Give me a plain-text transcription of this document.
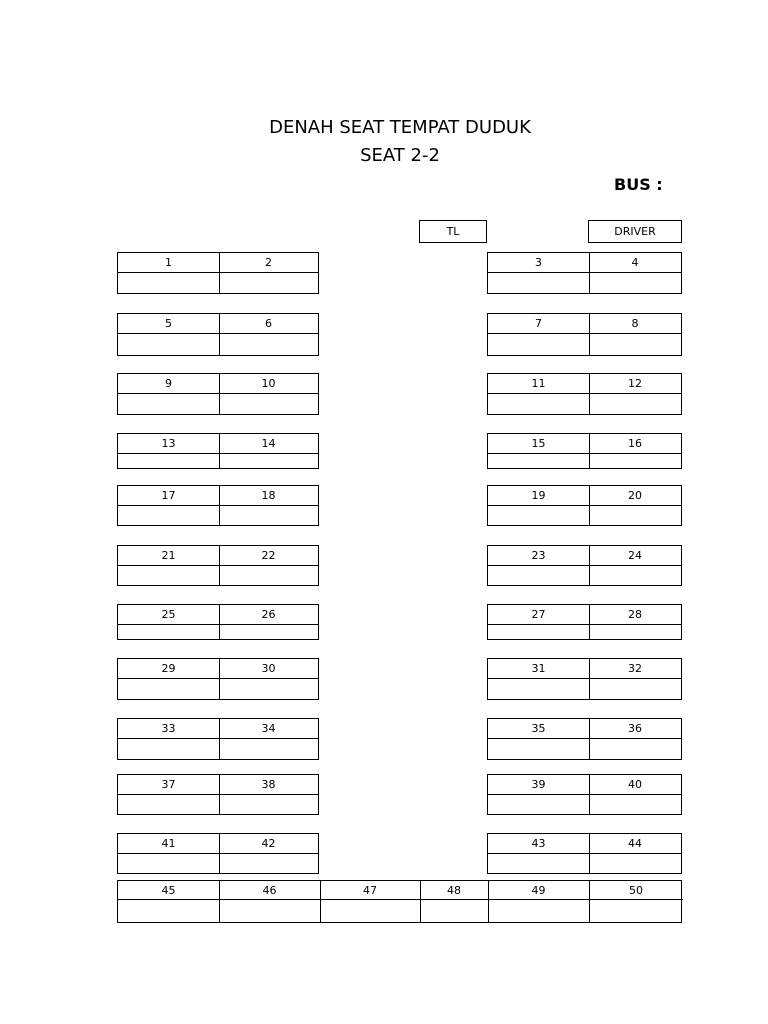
DENAH SEAT TEMPAT DUDUK
SEAT 2-2
BUS :
TL	DRIVER
1	2	3	4
5	6	7	8
9	10	11	12
13	14	15	16
17	18	19	20
21	22	23	24
25	26	27	28
29	30	31	32
33	34	35	36
37	38	39	40
41	42	43	44
45	46	47	48	49	50
